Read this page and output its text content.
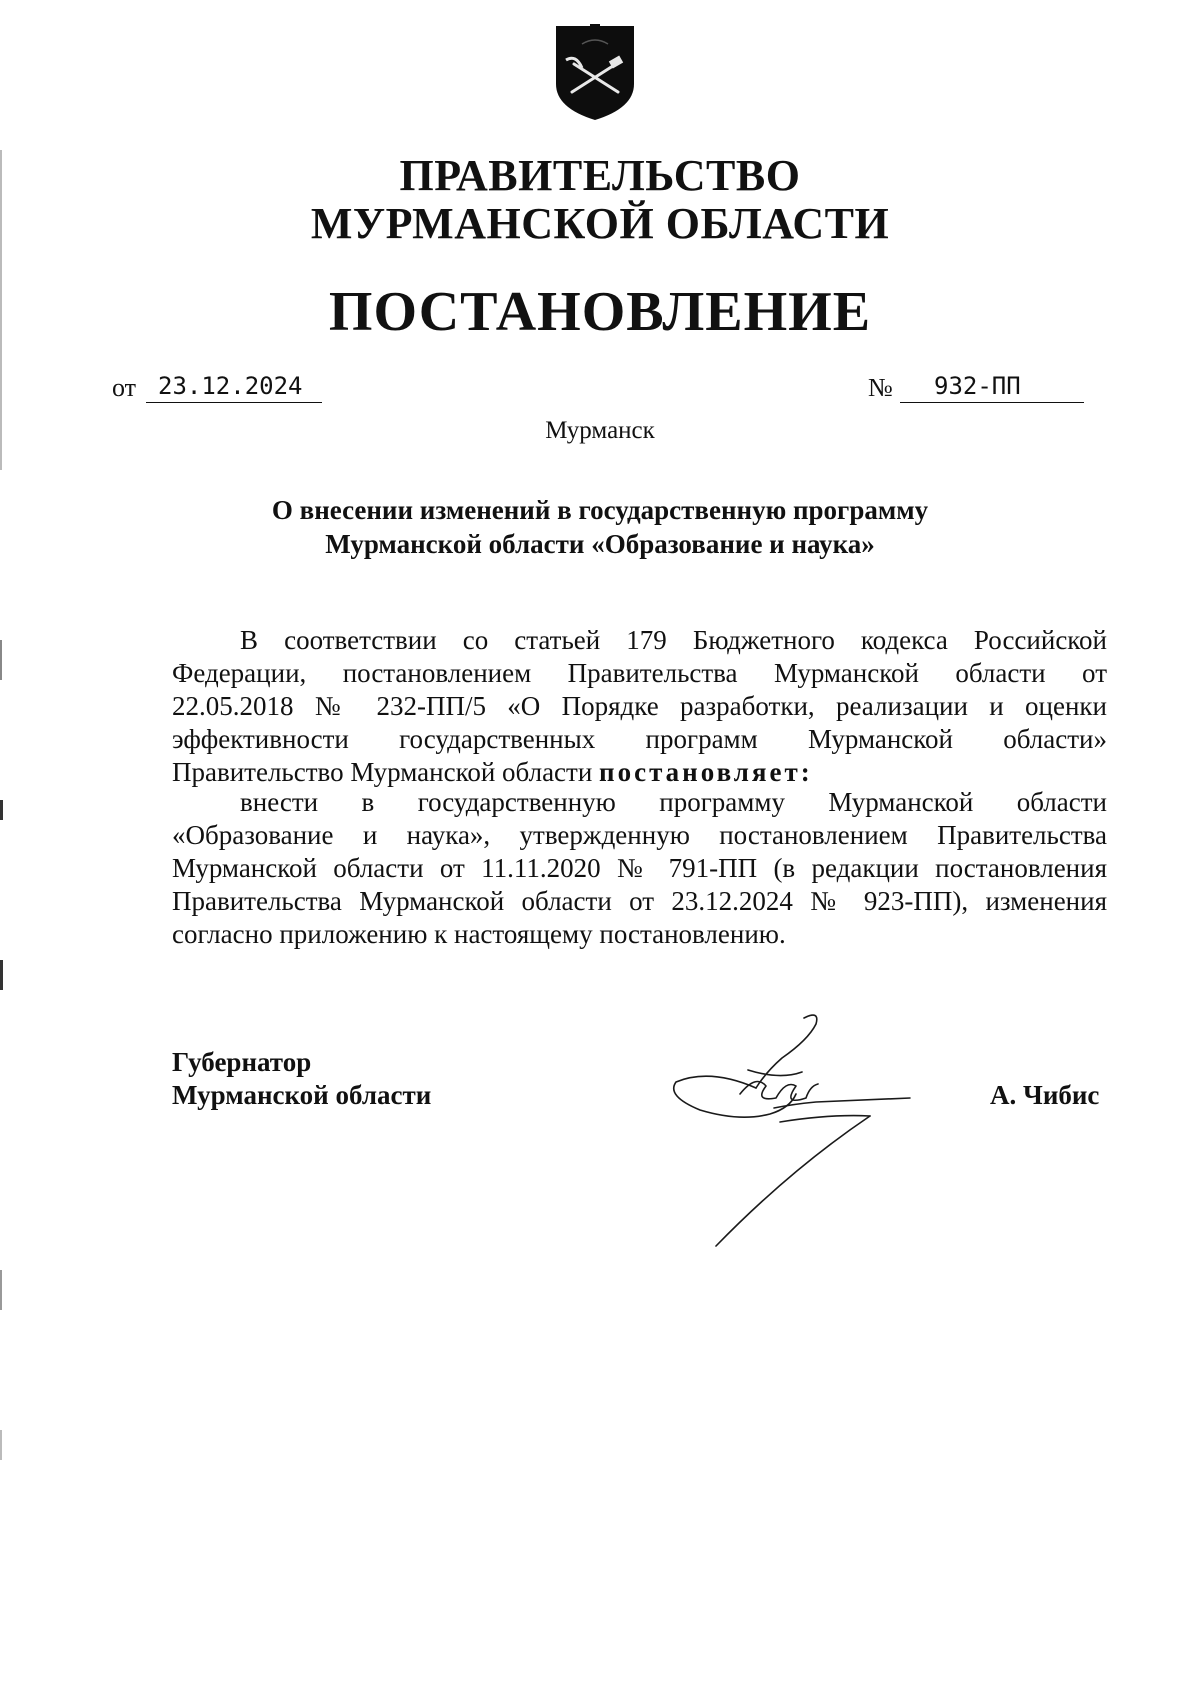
ПРАВИТЕЛЬСТВО
МУРМАНСКОЙ ОБЛАСТИ
ПОСТАНОВЛЕНИЕ
от 23.12.2024	№	932-ПП
Мурманск
О внесении изменений в государственную программу
Мурманской области «Образование и наука»

В соответствии со статьей 179 Бюджетного кодекса Российской

Федерации, постановлением Правительства Мурманской области от

22.05.2018 № 232-ПП/5 «О Порядке разработки, реализации и оценки

эффективности государственных программ Мурманской области»

Правительство Мурманской области постановляет:

внести в государственную программу Мурманской области

«Образование и наука», утвержденную постановлением Правительства

Мурманской области от 11.11.2020 № 791-ПП (в редакции постановления

Правительства Мурманской области от 23.12.2024 № 923-ПП), изменения

согласно приложению к настоящему постановлению.

Губернатор
Мурманской области	А. Чибис
